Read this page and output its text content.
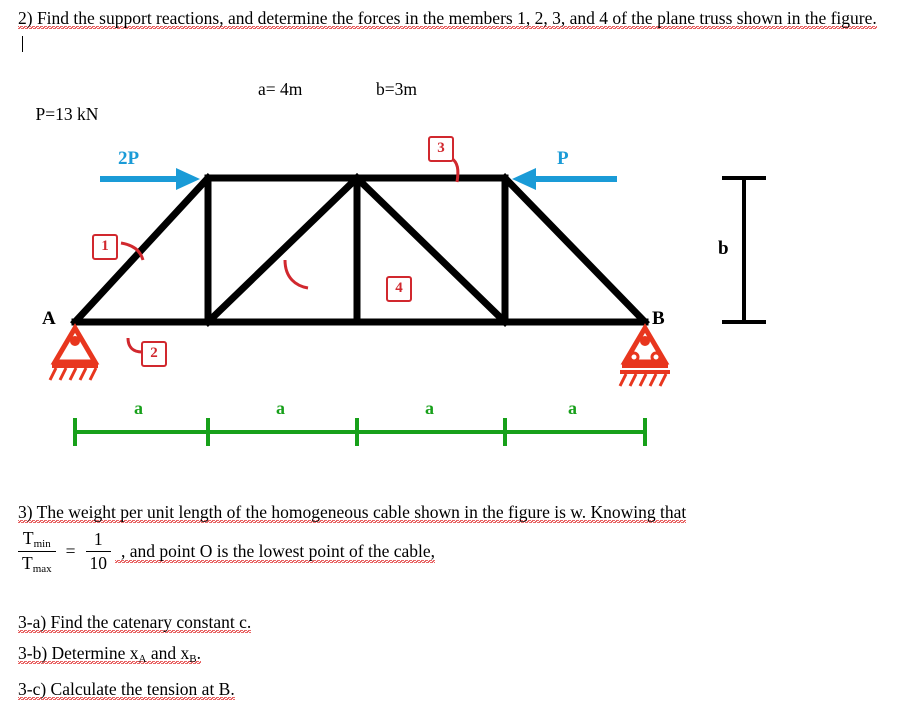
2) Find the support reactions, and determine the forces in the members 1, 2, 3, and 4 of the plane truss shown in the figure.

P=13 kN

a= 4m

	b=3m

2P	P
A	B
b
a	a	a	a
1
2
3
4
3) The weight per unit length of the homogeneous cable shown in the figure is w. Knowing that
$\frac{T_{min}}{T_{max}} = \frac{1}{10}$ , and point O is the lowest point of the cable,
3-a) Find the catenary constant c.
3-b) Determine $x_A$ and $x_B$.
3-c) Calculate the tension at B.
